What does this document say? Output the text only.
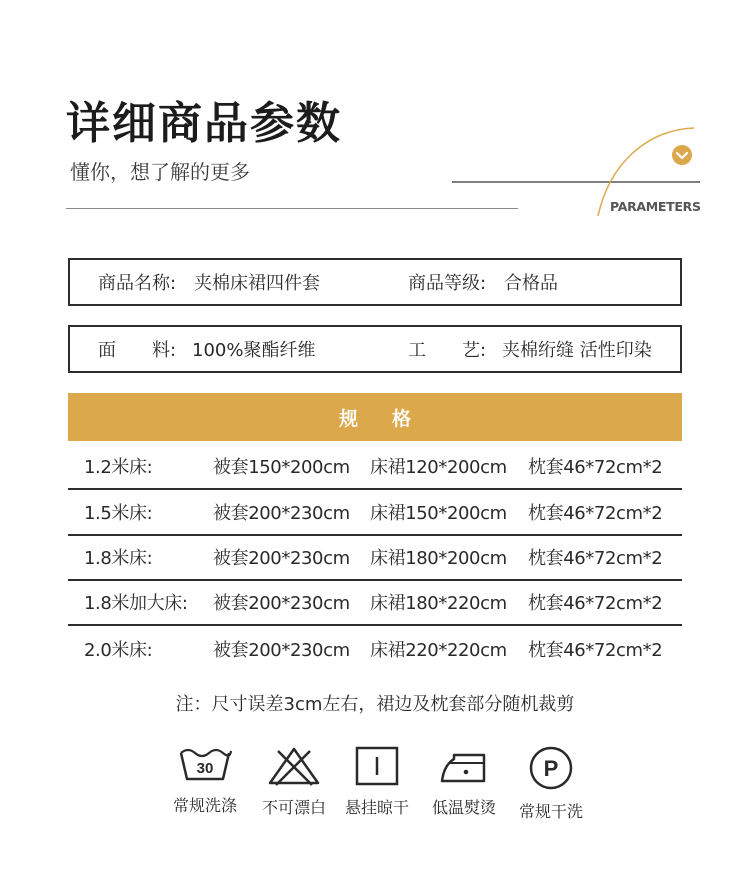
详细商品参数
懂你，想了解的更多
PARAMETERS
商品名称: 夹棉床裙四件套	商品等级: 合格品
面　　料: 100%聚酯纤维	工　　艺: 夹棉绗缝 活性印染
规格
1.2米床:	被套150*200cm 床裙120*200cm 枕套46*72cm*2
1.5米床:	被套200*230cm 床裙150*200cm 枕套46*72cm*2
1.8米床:	被套200*230cm 床裙180*200cm 枕套46*72cm*2
1.8米加大床: 被套200*230cm 床裙180*220cm 枕套46*72cm*2
2.0米床:	被套200*230cm 床裙220*220cm 枕套46*72cm*2
注：尺寸误差3cm左右，裙边及枕套部分随机裁剪
30
常规洗涤	不可漂白	悬挂晾干	低温熨烫
P
常规干洗
